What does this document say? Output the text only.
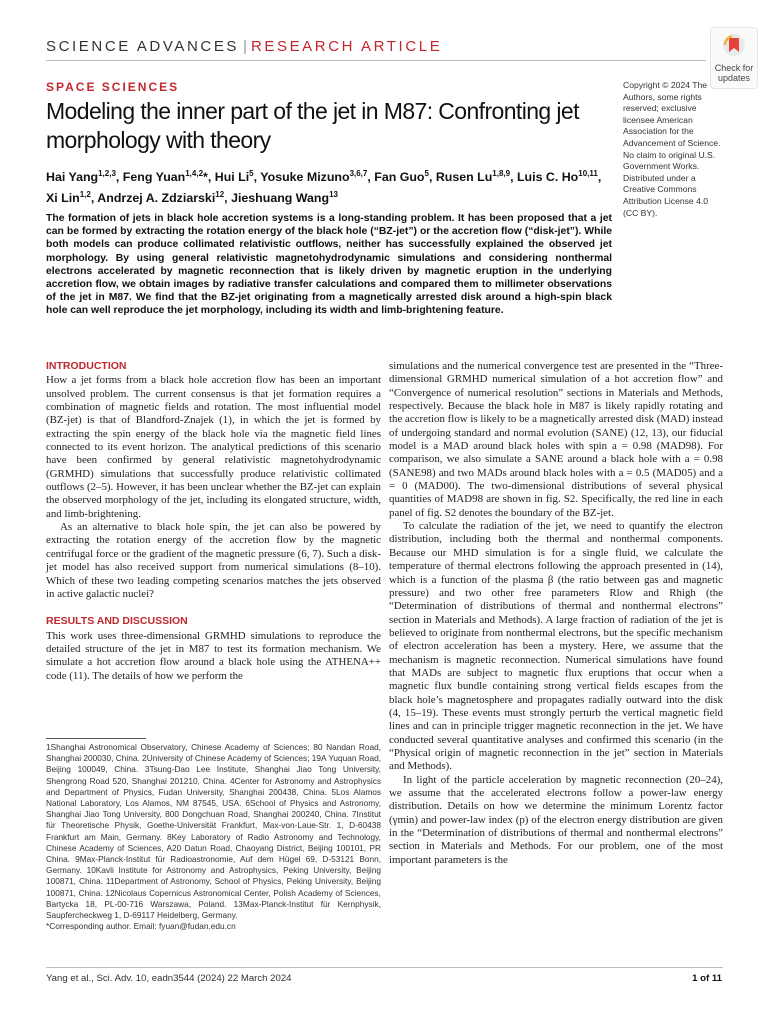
SCIENCE ADVANCES | RESEARCH ARTICLE
Check for
updates
SPACE SCIENCES
Modeling the inner part of the jet in M87: Confronting jet morphology with theory
Hai Yang$^{1,2,3}$, Feng Yuan$^{1,4,2}$*, Hui Li$^5$, Yosuke Mizuno$^{3,6,7}$, Fan Guo$^5$, Rusen Lu$^{1,8,9}$, Luis C. Ho$^{10,11}$,
Xi Lin$^{1,2}$, Andrzej A. Zdziarski$^{12}$, Jieshuang Wang$^{13}$
Copyright © 2024 The Authors, some rights reserved; exclusive licensee American Association for the Advancement of Science. No claim to original U.S. Government Works. Distributed under a Creative Commons Attribution License 4.0 (CC BY).

The formation of jets in black hole accretion systems is a long-standing problem. It has been proposed that a jet can be formed by extracting the rotation energy of the black hole (“BZ-jet”) or the accretion flow (“disk-jet”). While both models can produce collimated relativistic outflows, neither has successfully explained the observed jet morphology. By using general relativistic magnetohydrodynamic simulations and considering nonthermal electrons accelerated by magnetic reconnection that is likely driven by magnetic eruption in the underlying accretion flow, we obtain images by radiative transfer calculations and compared them to millimeter observations of the jet in M87. We find that the BZ-jet originating from a magnetically arrested disk around a high-spin black hole can well reproduce the jet morphology, including its width and limb-brightening feature.

INTRODUCTION

How a jet forms from a black hole accretion flow has been an important unsolved problem. The current consensus is that jet formation requires a combination of magnetic fields and rotation. The most influential model (BZ-jet) is that of Blandford-Znajek (1), in which the jet is formed by extracting the spin energy of the black hole via the magnetic field lines connected to its event horizon. The analytical predictions of this scenario have been confirmed by general relativistic magnetohydrodynamic (GRMHD) simulations that successfully produce relativistic collimated outflows (2–5). However, it has been unclear whether the BZ-jet can explain the observed morphology of the jet, including its elongated structure, width, and limb-brightening.

As an alternative to black hole spin, the jet can also be powered by extracting the rotation energy of the accretion flow by the magnetic centrifugal force or the gradient of the magnetic pressure (6, 7). Such a disk-jet model has also received support from numerical simulations (8–10). Which of these two leading competing scenarios matches the jets observed in active galactic nuclei?

RESULTS AND DISCUSSION

This work uses three-dimensional GRMHD simulations to reproduce the detailed structure of the jet in M87 to test its formation mechanism. We simulate a hot accretion flow around a black hole using the ATHENA++ code (11). The details of how we perform the

1Shanghai Astronomical Observatory, Chinese Academy of Sciences; 80 Nandan Road, Shanghai 200030, China. 2University of Chinese Academy of Sciences; 19A Yuquan Road, Beijing 100049, China. 3Tsung-Dao Lee Institute, Shanghai Jiao Tong University, Shengrong Road 520, Shanghai 201210, China. 4Center for Astronomy and Astrophysics and Department of Physics, Fudan University, Shanghai 200438, China. 5Los Alamos National Laboratory, Los Alamos, NM 87545, USA. 6School of Physics and Astronomy, Shanghai Jiao Tong University, 800 Dongchuan Road, Shanghai 200240, China. 7Institut für Theoretische Physik, Goethe-Universität Frankfurt, Max-von-Laue-Str. 1, D-60438 Frankfurt am Main, Germany. 8Key Laboratory of Radio Astronomy and Technology, Chinese Academy of Sciences, A20 Datun Road, Chaoyang District, Beijing 100101, PR China. 9Max-Planck-Institut für Radioastronomie, Auf dem Hügel 69, D-53121 Bonn, Germany. 10Kavli Institute for Astronomy and Astrophysics, Peking University, Beijing 100871, China. 11Department of Astronomy, School of Physics, Peking University, Beijing 100871, China. 12Nicolaus Copernicus Astronomical Center, Polish Academy of Sciences, Bartycka 18, PL-00-716 Warszawa, Poland. 13Max-Planck-Institut für Kernphysik, Saupfercheckweg 1, D-69117 Heidelberg, Germany.

*Corresponding author. Email: fyuan@fudan.edu.cn

simulations and the numerical convergence test are presented in the “Three-dimensional GRMHD numerical simulation of a hot accretion flow” and “Convergence of numerical resolution” sections in Materials and Methods, respectively. Because the black hole in M87 is likely rapidly rotating and the accretion flow is likely to be a magnetically arrested disk (MAD) instead of undergoing standard and normal evolution (SANE) (12, 13), our fiducial model is a MAD around black holes with spin a = 0.98 (MAD98). For comparison, we also simulate a SANE around a black hole with a = 0.98 (SANE98) and two MADs around black holes with a = 0.5 (MAD05) and a = 0 (MAD00). The two-dimensional distributions of several physical quantities of MAD98 are shown in fig. S2. Specifically, the red line in each panel of fig. S2 denotes the boundary of the BZ-jet.

To calculate the radiation of the jet, we need to quantify the electron distribution, including both the thermal and nonthermal components. Because our MHD simulation is for a single fluid, we calculate the temperature of thermal electrons following the approach presented in (14), which is a function of the plasma β (the ratio between gas and magnetic pressure) and two other free parameters Rlow and Rhigh (the “Determination of distributions of thermal and nonthermal electrons” section in Materials and Methods). A large fraction of radiation of the jet is believed to originate from nonthermal electrons, but the specific mechanism of electron acceleration has been a mystery. Here, we assume that the mechanism is magnetic reconnection. Numerical simulations have found that MADs are subject to magnetic flux eruptions that occur when a magnetic flux bundle containing strong vertical fields escapes from the black hole’s magnetosphere and propagates radially outward into the disk (4, 15–19). These events must strongly perturb the vertical magnetic field lines and can in principle trigger magnetic reconnection in the jet. We have conducted several quantitative analyses and confirmed this scenario (in the “Physical origin of magnetic reconnection in the jet” section in Materials and Methods).

In light of the particle acceleration by magnetic reconnection (20–24), we assume that the accelerated electrons follow a power-law energy distribution. Details on how we determine the minimum Lorentz factor (γmin) and power-law index (p) of the electron energy distribution are given in the “Determination of distributions of thermal and nonthermal electrons” section in Materials and Methods. For our problem, one of the most important parameters is the

Yang et al., Sci. Adv. 10, eadn3544 (2024) 22 March 2024	1 of 11
